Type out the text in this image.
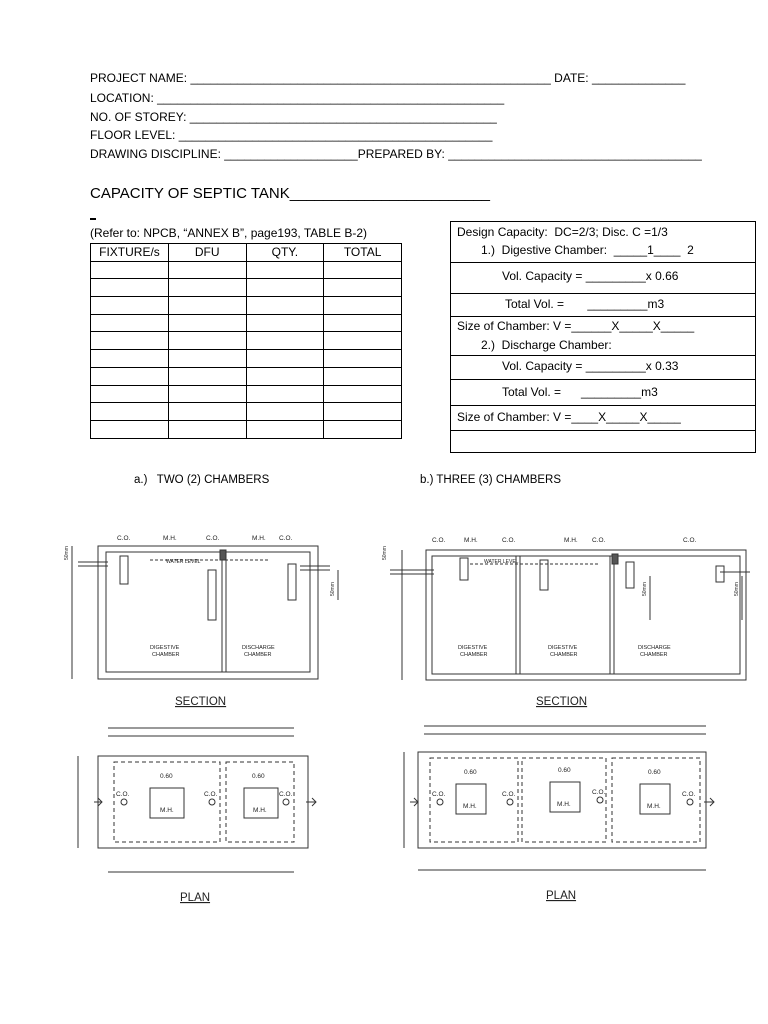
PROJECT NAME: ______________________________________________________ DATE: ______________
LOCATION: ____________________________________________________
NO. OF STOREY: ______________________________________________
FLOOR LEVEL: _______________________________________________
DRAWING DISCIPLINE: ____________________PREPARED BY: ______________________________________
CAPACITY OF SEPTIC TANK________________________
(Refer to: NPCB, “ANNEX B”, page193, TABLE B-2)
FIXTURE/s	DFU	QTY.	TOTAL

Design Capacity:  DC=2/3; Disc. C =1/3
1.)  Digestive Chamber:  _____1____  2
Vol. Capacity = _________x 0.66
Total Vol. =       _________m3
Size of Chamber: V =______X_____X_____
2.)  Discharge Chamber:
Vol. Capacity = _________x 0.33
Total Vol. =      _________m3
Size of Chamber: V =____X_____X_____
a.)   TWO (2) CHAMBERS	b.) THREE (3) CHAMBERS
C.O.	M.H.	C.O.	M.H. C.O.
WATER LEVEL
DIGESTIVE
CHAMBER
DISCHARGE
CHAMBER
50mm
50mm
C.O.	M.H.	C.O.	M.H. C.O.	C.O.
WATER LEVEL
DIGESTIVE
CHAMBER
DIGESTIVE
CHAMBER
DISCHARGE
CHAMBER
50mm
50mm	50mm
0.60	0.60
M.H.	M.H.
C.O.	C.O.	C.O.
0.60	0.60	0.60
M.H.	M.H.	M.H.
C.O.	C.O.	C.O.	C.O.
SECTION	SECTION
PLAN	PLAN
